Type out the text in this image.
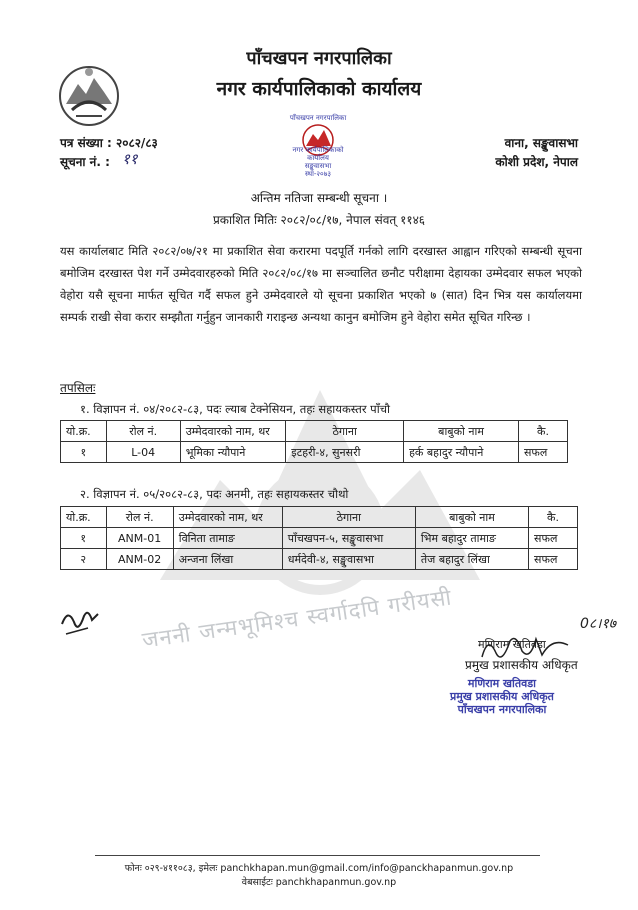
जननी जन्मभूमिश्च स्वर्गादपि गरीयसी
पाँचखपन नगरपालिका
नगर कार्यपालिकाको कार्यालय
पत्र संख्या : २०८२/८३
सूचना नं. : ११
पाँचखपन नगरपालिका
नगर कार्यपालिकाको
कार्यालय
सङ्खुवासभा
स्था-२०७३
वाना, सङ्खुवासभा
कोशी प्रदेश, नेपाल
अन्तिम नतिजा सम्बन्धी सूचना ।
प्रकाशित मितिः २०८२/०८/१७, नेपाल संवत् ११४६
यस कार्यालबाट मिति २०८२/०७/२१ मा प्रकाशित सेवा करारमा पदपूर्ति गर्नको लागि दरखास्त आह्वान गरिएको सम्बन्धी सूचना बमोजिम दरखास्त पेश गर्ने उम्मेदवारहरुको मिति २०८२/०८/१७ मा सञ्चालित छनौट परीक्षामा देहायका उम्मेदवार सफल भएको वेहोरा यसै सूचना मार्फत सूचित गर्दै सफल हुने उम्मेदवारले यो सूचना प्रकाशित भएको ७ (सात) दिन भित्र यस कार्यालयमा सम्पर्क राखी सेवा करार सम्झौता गर्नुहुन जानकारी गराइन्छ अन्यथा कानुन बमोजिम हुने वेहोरा समेत सूचित गरिन्छ ।
तपसिलः
१. विज्ञापन नं. ०४/२०८२-८३, पदः ल्याब टेक्नेसियन, तहः सहायकस्तर पाँचौ
यो.क्र.	रोल नं.	उम्मेदवारको नाम, थर	ठेगाना	बाबुको नाम	कै.
१	L-04	भूमिका न्यौपाने	इटहरी-४, सुनसरी	हर्क बहादुर न्यौपाने	सफल
२. विज्ञापन नं. ०५/२०८२-८३, पदः अनमी, तहः सहायकस्तर चौथो
यो.क्र.	रोल नं.	उम्मेदवारको नाम, थर	ठेगाना	बाबुको नाम	कै.
१	ANM-01	विनिता तामाङ	पाँचखपन-५, सङ्खुवासभा	भिम बहादुर तामाङ	सफल
२	ANM-02	अन्जना लिंखा	धर्मदेवी-४, सङ्खुवासभा	तेज बहादुर लिंखा	सफल
0८।१७
मणिराम खतिवडा
प्रमुख प्रशासकीय अधिकृत
मणिराम खतिवडा
प्रमुख प्रशासकीय अधिकृत
पाँचखपन नगरपालिका
फोनः ०२९-४११०८३, इमेलः panchkhapan.mun@gmail.com/info@panckhapanmun.gov.np
वेबसाईटः panchkhapanmun.gov.np
